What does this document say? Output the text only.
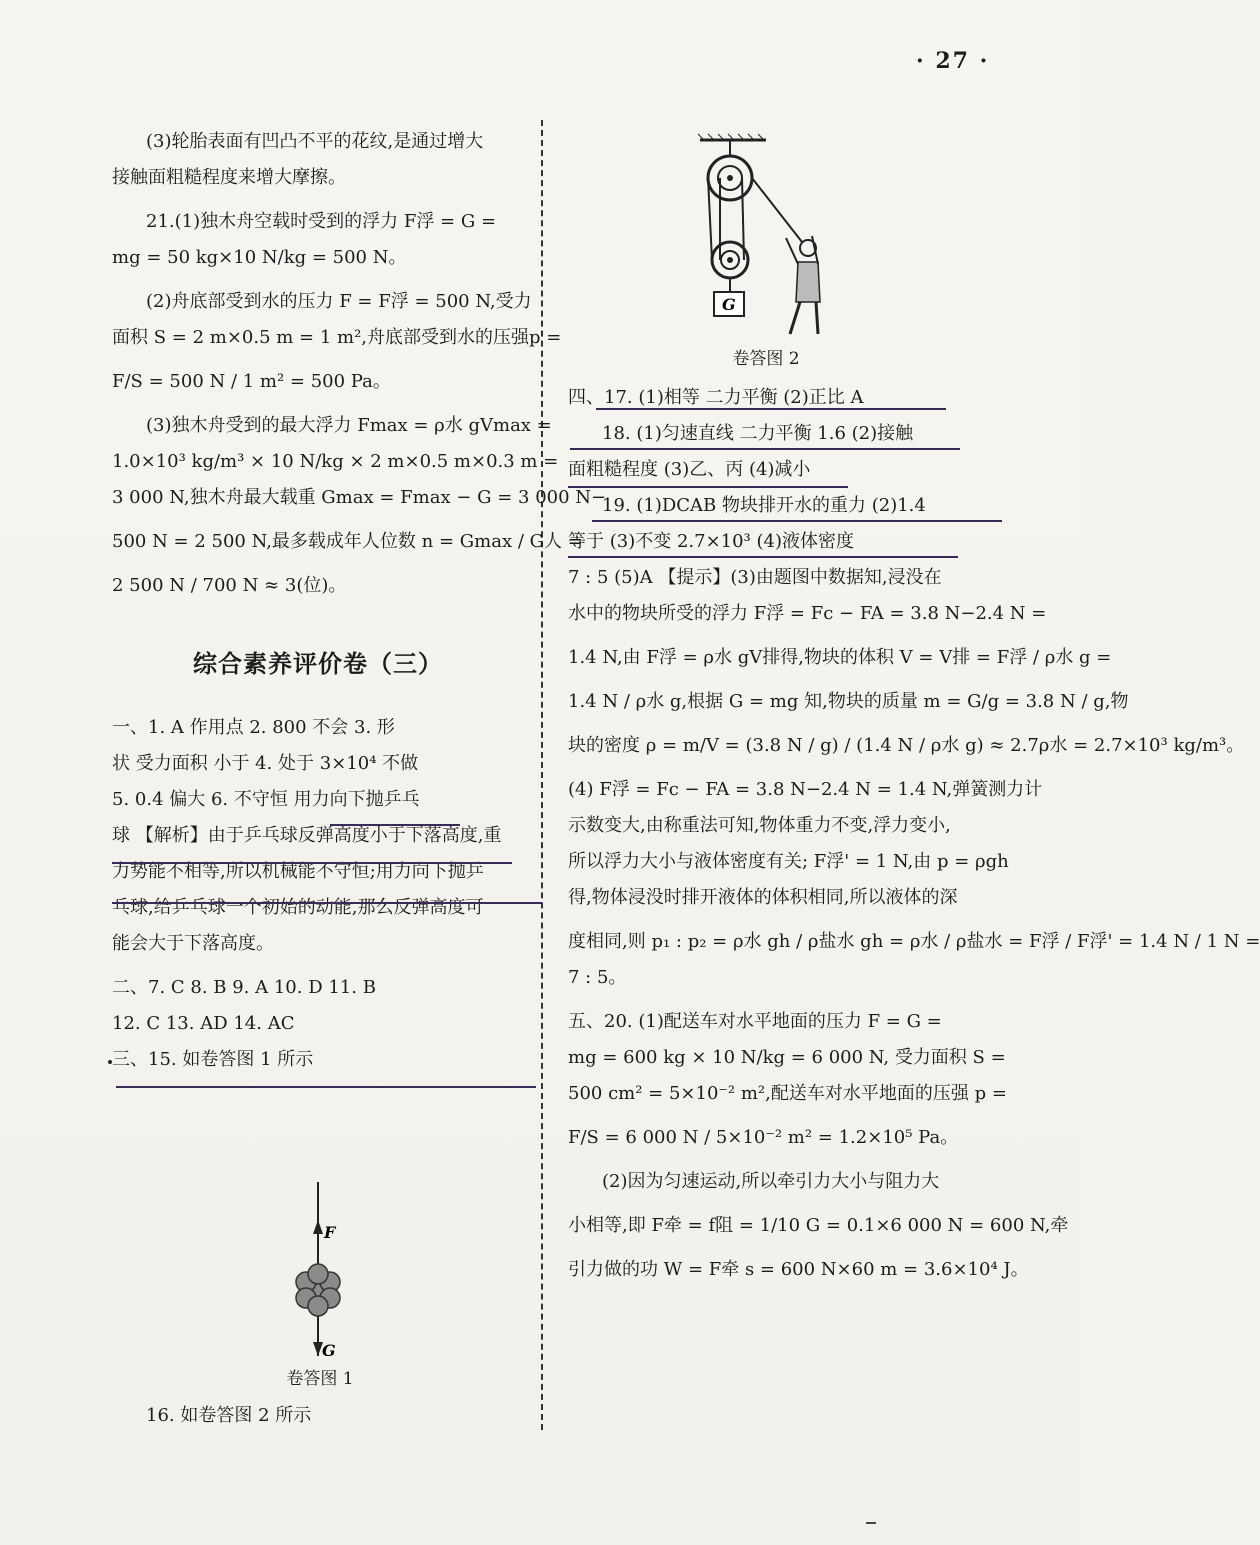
· 27 ·
(3)轮胎表面有凹凸不平的花纹,是通过增大
接触面粗糙程度来增大摩擦。
21.(1)独木舟空载时受到的浮力 F浮 = G =
mg = 50 kg×10 N/kg = 500 N。
(2)舟底部受到水的压力 F = F浮 = 500 N,受力
面积 S = 2 m×0.5 m = 1 m²,舟底部受到水的压强p =
F/S = 500 N / 1 m² = 500 Pa。
(3)独木舟受到的最大浮力 Fmax = ρ水 gVmax =
1.0×10³ kg/m³ × 10 N/kg × 2 m×0.5 m×0.3 m =
3 000 N,独木舟最大载重 Gmax = Fmax − G = 3 000 N−
500 N = 2 500 N,最多载成年人位数 n = Gmax / G人 =
2 500 N / 700 N ≈ 3(位)。
综合素养评价卷（三）
一、1. A 作用点 2. 800 不会 3. 形
状 受力面积 小于 4. 处于 3×10⁴ 不做
5. 0.4 偏大 6. 不守恒 用力向下抛乒乓
球 【解析】由于乒乓球反弹高度小于下落高度,重
力势能不相等,所以机械能不守恒;用力向下抛乒
乓球,给乒乓球一个初始的动能,那么反弹高度可
能会大于下落高度。
二、7. C 8. B 9. A 10. D 11. B
12. C 13. AD 14. AC
三、15. 如卷答图 1 所示
F
G
卷答图 1
16. 如卷答图 2 所示
G
卷答图 2
四、17. (1)相等 二力平衡 (2)正比 A
18. (1)匀速直线 二力平衡 1.6 (2)接触
面粗糙程度 (3)乙、丙 (4)减小
19. (1)DCAB 物块排开水的重力 (2)1.4
等于 (3)不变 2.7×10³ (4)液体密度
7 : 5 (5)A 【提示】(3)由题图中数据知,浸没在
水中的物块所受的浮力 F浮 = Fc − FA = 3.8 N−2.4 N =
1.4 N,由 F浮 = ρ水 gV排得,物块的体积 V = V排 = F浮 / ρ水 g =
1.4 N / ρ水 g,根据 G = mg 知,物块的质量 m = G/g = 3.8 N / g,物
块的密度 ρ = m/V = (3.8 N / g) / (1.4 N / ρ水 g) ≈ 2.7ρ水 = 2.7×10³ kg/m³。
(4) F浮 = Fc − FA = 3.8 N−2.4 N = 1.4 N,弹簧测力计
示数变大,由称重法可知,物体重力不变,浮力变小,
所以浮力大小与液体密度有关; F浮' = 1 N,由 p = ρgh
得,物体浸没时排开液体的体积相同,所以液体的深
度相同,则 p₁ : p₂ = ρ水 gh / ρ盐水 gh = ρ水 / ρ盐水 = F浮 / F浮' = 1.4 N / 1 N =
7 : 5。
五、20. (1)配送车对水平地面的压力 F = G =
mg = 600 kg × 10 N/kg = 6 000 N, 受力面积 S =
500 cm² = 5×10⁻² m²,配送车对水平地面的压强 p =
F/S = 6 000 N / 5×10⁻² m² = 1.2×10⁵ Pa。
(2)因为匀速运动,所以牵引力大小与阻力大
小相等,即 F牵 = f阻 = 1/10 G = 0.1×6 000 N = 600 N,牵
引力做的功 W = F牵 s = 600 N×60 m = 3.6×10⁴ J。
